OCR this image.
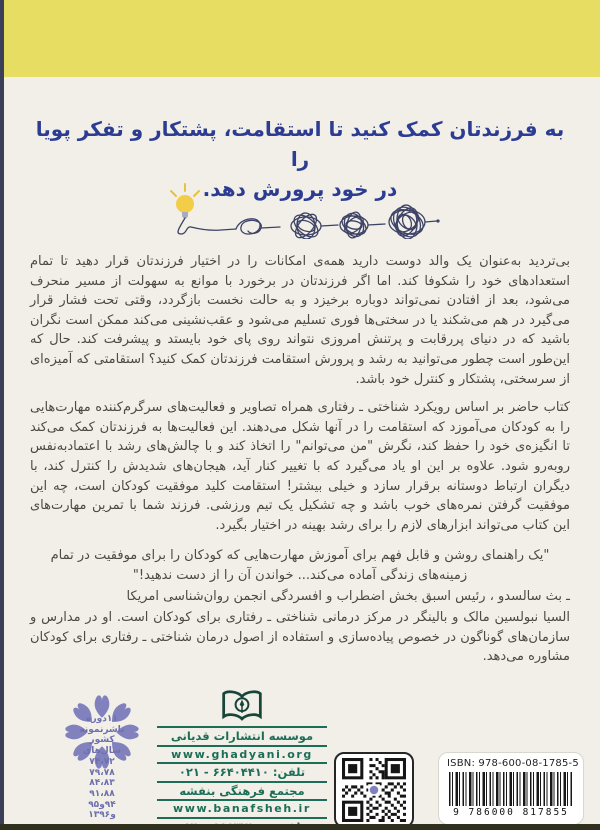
به فرزندتان کمک کنید تا استقامت، پشتکار و تفکر پویا را
در خود پرورش دهد.

بی‌تردید به‌عنوان یک والد دوست دارید همه‌ی امکانات را در اختیار فرزندتان قرار دهید تا تمام استعدادهای خود را شکوفا کند. اما اگر فرزندتان در برخورد با موانع به سهولت از مسیر منحرف می‌شود، بعد از افتادن نمی‌تواند دوباره برخیزد و به حالت نخست بازگردد، وقتی تحت فشار قرار می‌گیرد در هم می‌شکند یا در سختی‌ها فوری تسلیم می‌شود و عقب‌نشینی می‌کند ممکن است نگران باشید که در دنیای پررقابت و پرتنش امروزی نتواند روی پای خود بایستد و پیشرفت کند. حال که این‌طور است چطور می‌توانید به رشد و پرورش استقامت فرزندتان کمک کنید؟ استقامتی که آمیزه‌ای از سرسختی، پشتکار و کنترل خود باشد.

کتاب حاضر بر اساس رویکرد شناختی ـ رفتاری همراه تصاویر و فعالیت‌های سرگرم‌کننده مهارت‌هایی را به کودکان می‌آموزد که استقامت را در آنها شکل می‌دهند. این فعالیت‌ها به فرزندتان کمک می‌کند تا انگیزه‌ی خود را حفظ کند، نگرش "من می‌توانم" را اتخاذ کند و با چالش‌های رشد با اعتمادبه‌نفس روبه‌رو شود. علاوه بر این او یاد می‌گیرد که با تغییر کنار آید، هیجان‌های شدیدش را کنترل کند، با دیگران ارتباط دوستانه برقرار سازد و خیلی بیشتر! استقامت کلید موفقیت کودکان است، چه این موفقیت گرفتن نمره‌های خوب باشد و چه تشکیل یک تیم ورزشی. فرزند شما با تمرین مهارت‌های این کتاب می‌تواند ابزارهای لازم را برای رشد بهینه در اختیار بگیرد.

"یک راهنمای روشن و قابل فهم برای آموزش مهارت‌هایی که کودکان را برای موفقیت در تمام زمینه‌های زندگی آماده می‌کند... خواندن آن را از دست ندهید!"

ـ بث سالسدو ، رئیس اسبق بخش اضطراب و افسردگی انجمن روان‌شناسی امریکا

السیا نبولسین مالک و بالینگر در مرکز درمانی شناختی ـ رفتاری برای کودکان است. او در مدارس و سازمان‌های گوناگون در خصوص پیاده‌سازی و استفاده از اصول درمان شناختی ـ رفتاری برای کودکان مشاوره می‌دهد.

۱۱دوره
ناشرنمونه
کشور
سال‌های
۷۴،۷۲
۷۹،۷۸
۸۴،۸۳
۹۱،۸۸
۹۴و۹۵
و۱۳۹۶
موسسه انتشارات قدیانی
www.ghadyani.org
تلفن: ۰۲۱ - ۶۶۴۰۴۴۱۰
مجتمع فرهنگی بنفشه
www.banafsheh.ir
ISBN: 978-600-08-1785-5
9 786000 817855
